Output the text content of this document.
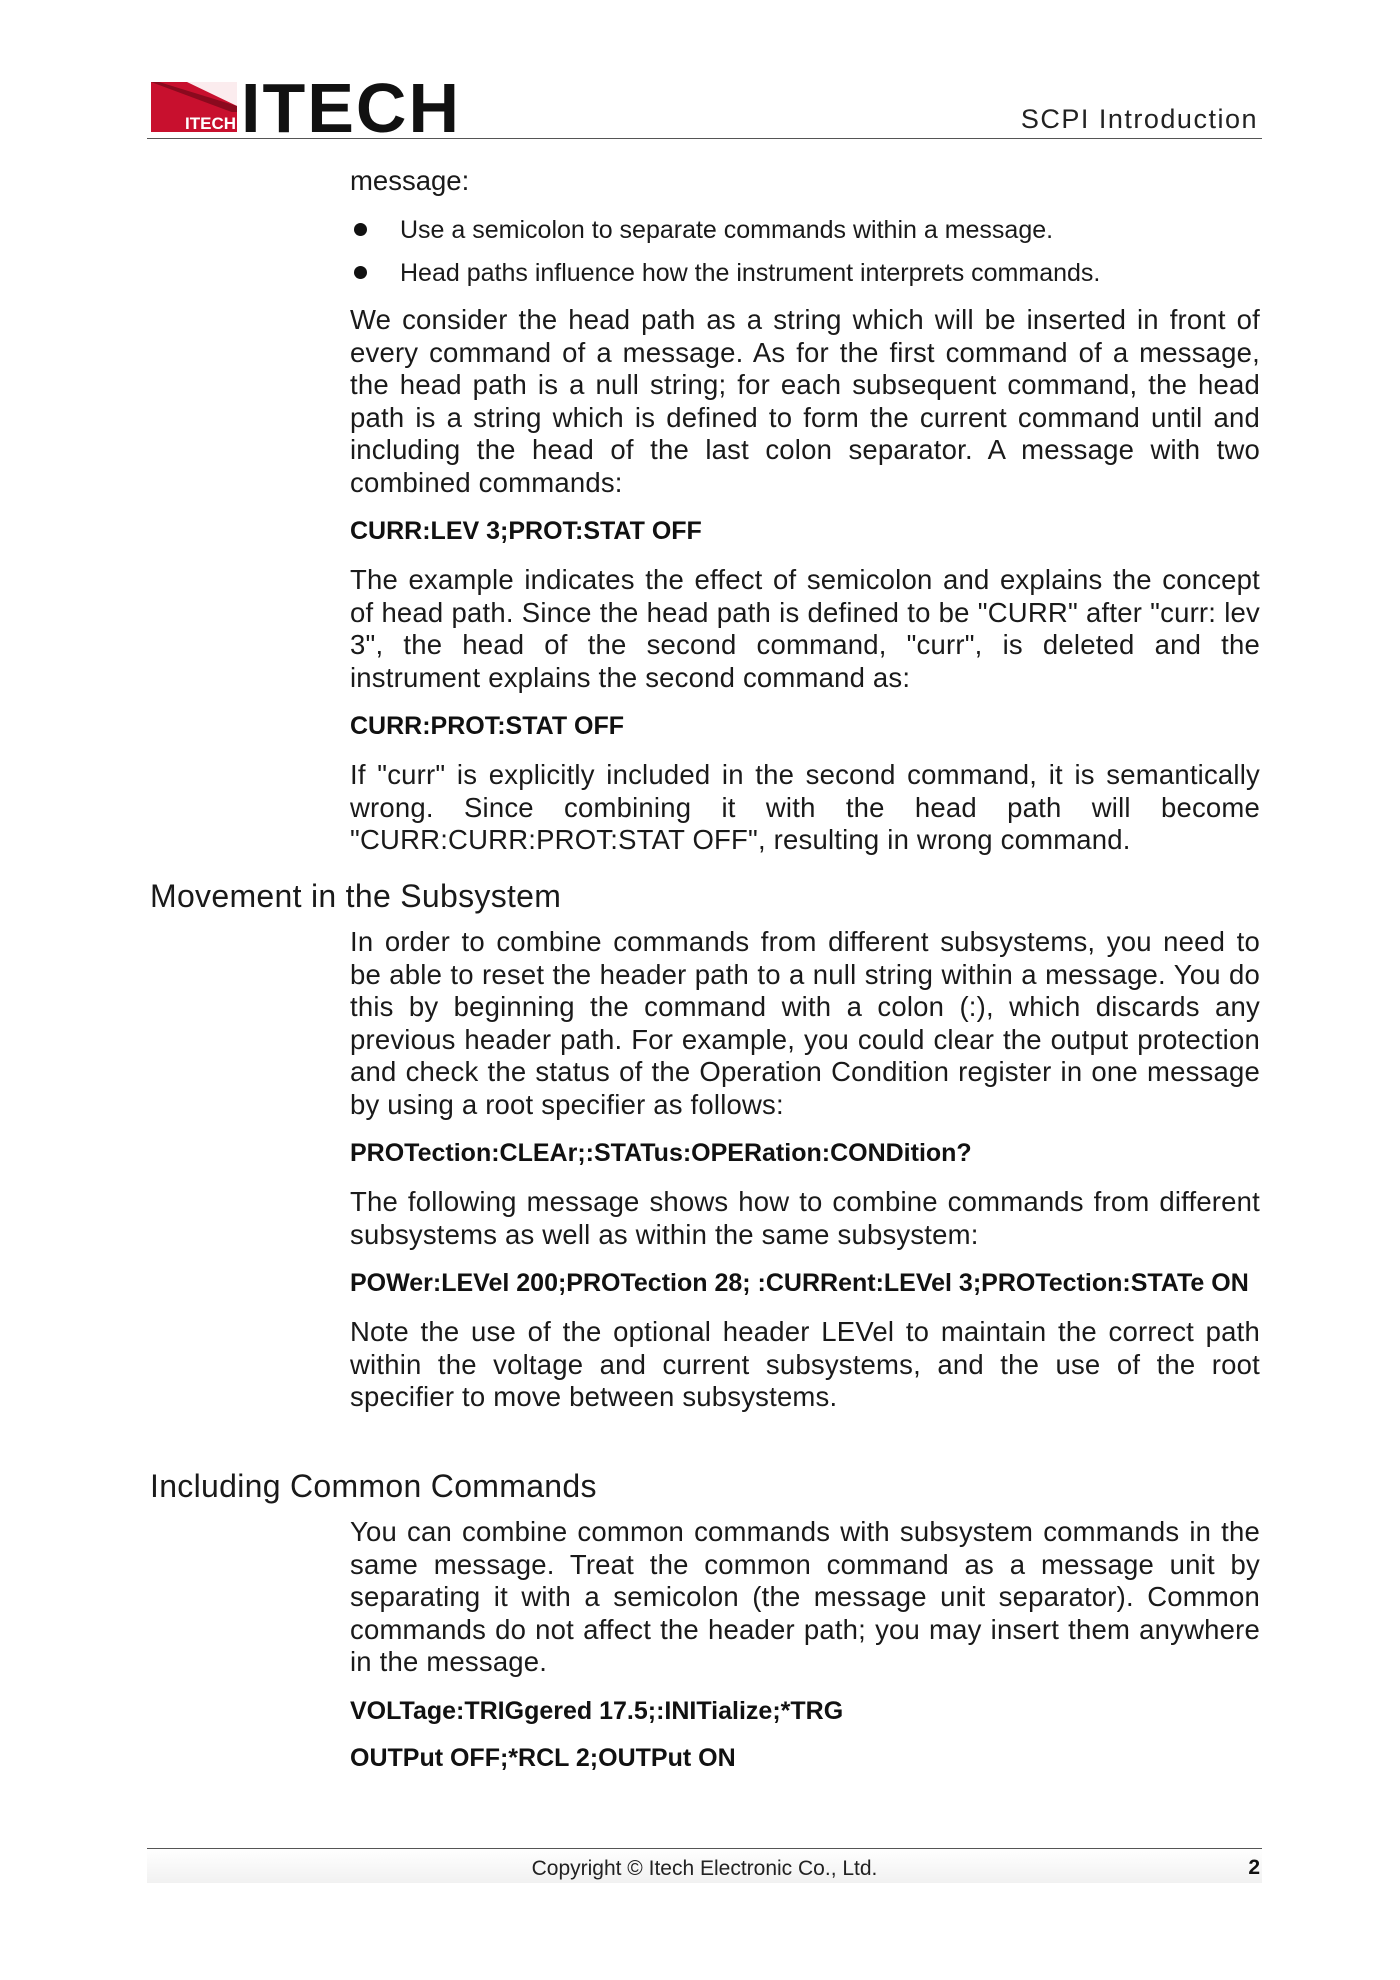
ITECH ITECH	SCPI Introduction

message:

Use a semicolon to separate commands within a message.
Head paths influence how the instrument interprets commands.

We consider the head path as a string which will be inserted in front of every command of a message. As for the first command of a message, the head path is a null string; for each subsequent command, the head path is a string which is defined to form the current command until and including the head of the last colon separator. A message with two combined commands:

CURR:LEV 3;PROT:STAT OFF

The example indicates the effect of semicolon and explains the concept of head path. Since the head path is defined to be "CURR" after "curr: lev 3", the head of the second command, "curr", is deleted and the instrument explains the second command as:

CURR:PROT:STAT OFF

If "curr" is explicitly included in the second command, it is semantically wrong. Since combining it with the head path will become "CURR:CURR:PROT:STAT OFF", resulting in wrong command.

Movement in the Subsystem

In order to combine commands from different subsystems, you need to be able to reset the header path to a null string within a message. You do this by beginning the command with a colon (:), which discards any previous header path. For example, you could clear the output protection and check the status of the Operation Condition register in one message by using a root specifier as follows:

PROTection:CLEAr;:STATus:OPERation:CONDition?

The following message shows how to combine commands from different subsystems as well as within the same subsystem:

POWer:LEVel 200;PROTection 28; :CURRent:LEVel 3;PROTection:STATe ON

Note the use of the optional header LEVel to maintain the correct path within the voltage and current subsystems, and the use of the root specifier to move between subsystems.

Including Common Commands

You can combine common commands with subsystem commands in the same message. Treat the common command as a message unit by separating it with a semicolon (the message unit separator). Common commands do not affect the header path; you may insert them anywhere in the message.

VOLTage:TRIGgered 17.5;:INITialize;*TRG
OUTPut OFF;*RCL 2;OUTPut ON
Copyright © Itech Electronic Co., Ltd.	2
